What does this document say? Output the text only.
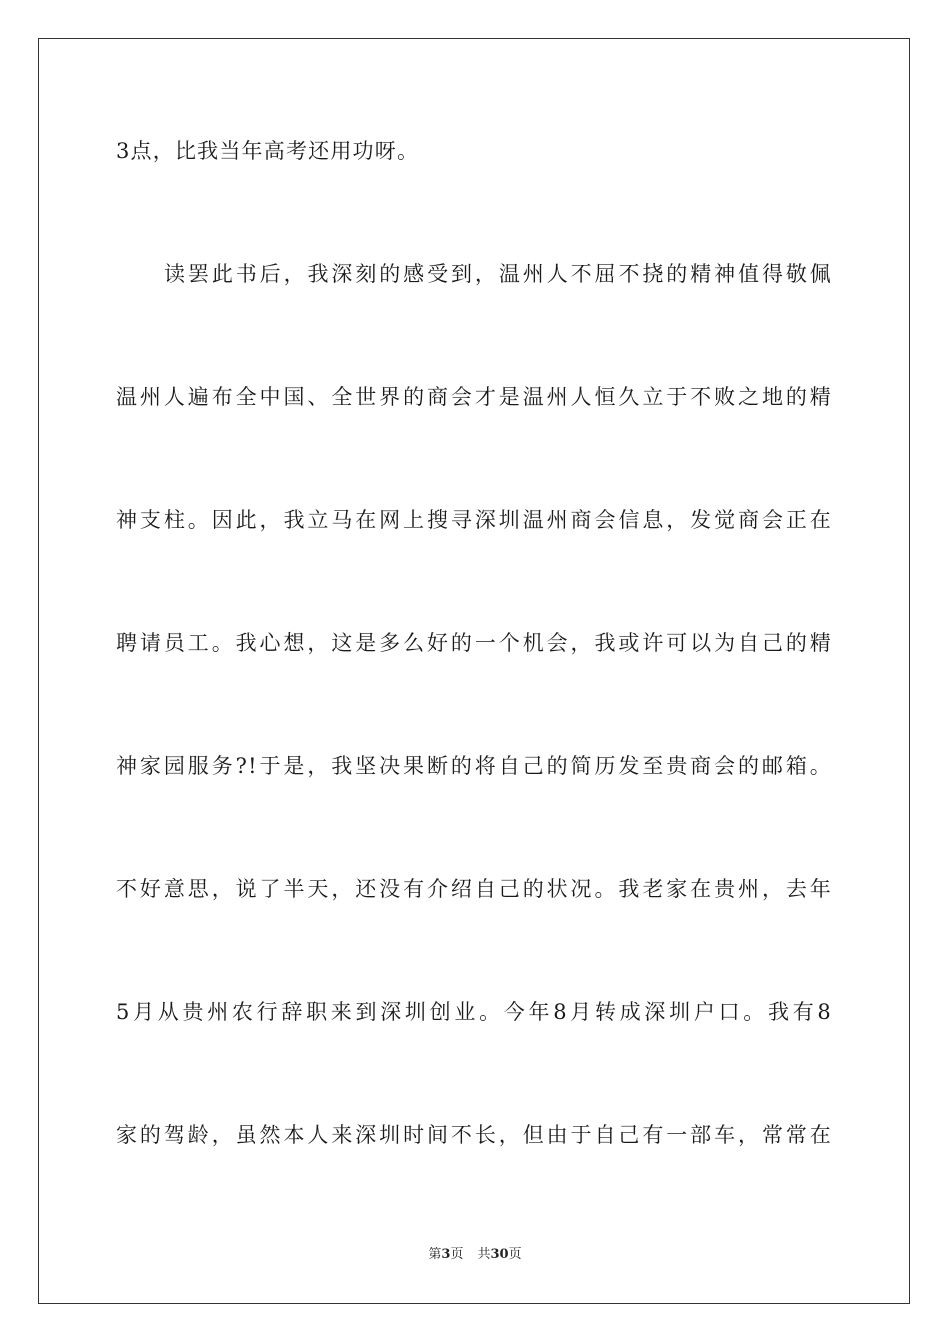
3点，比我当年高考还用功呀。
读罢此书后，我深刻的感受到，温州人不屈不挠的精神值得敬佩
温州人遍布全中国、全世界的商会才是温州人恒久立于不败之地的精
神支柱。因此，我立马在网上搜寻深圳温州商会信息，发觉商会正在
聘请员工。我心想，这是多么好的一个机会，我或许可以为自己的精
神家园服务?!于是，我坚决果断的将自己的简历发至贵商会的邮箱。
不好意思，说了半天，还没有介绍自己的状况。我老家在贵州，去年
5月从贵州农行辞职来到深圳创业。今年8月转成深圳户口。我有8
家的驾龄，虽然本人来深圳时间不长，但由于自己有一部车，常常在
第3页 共30页
